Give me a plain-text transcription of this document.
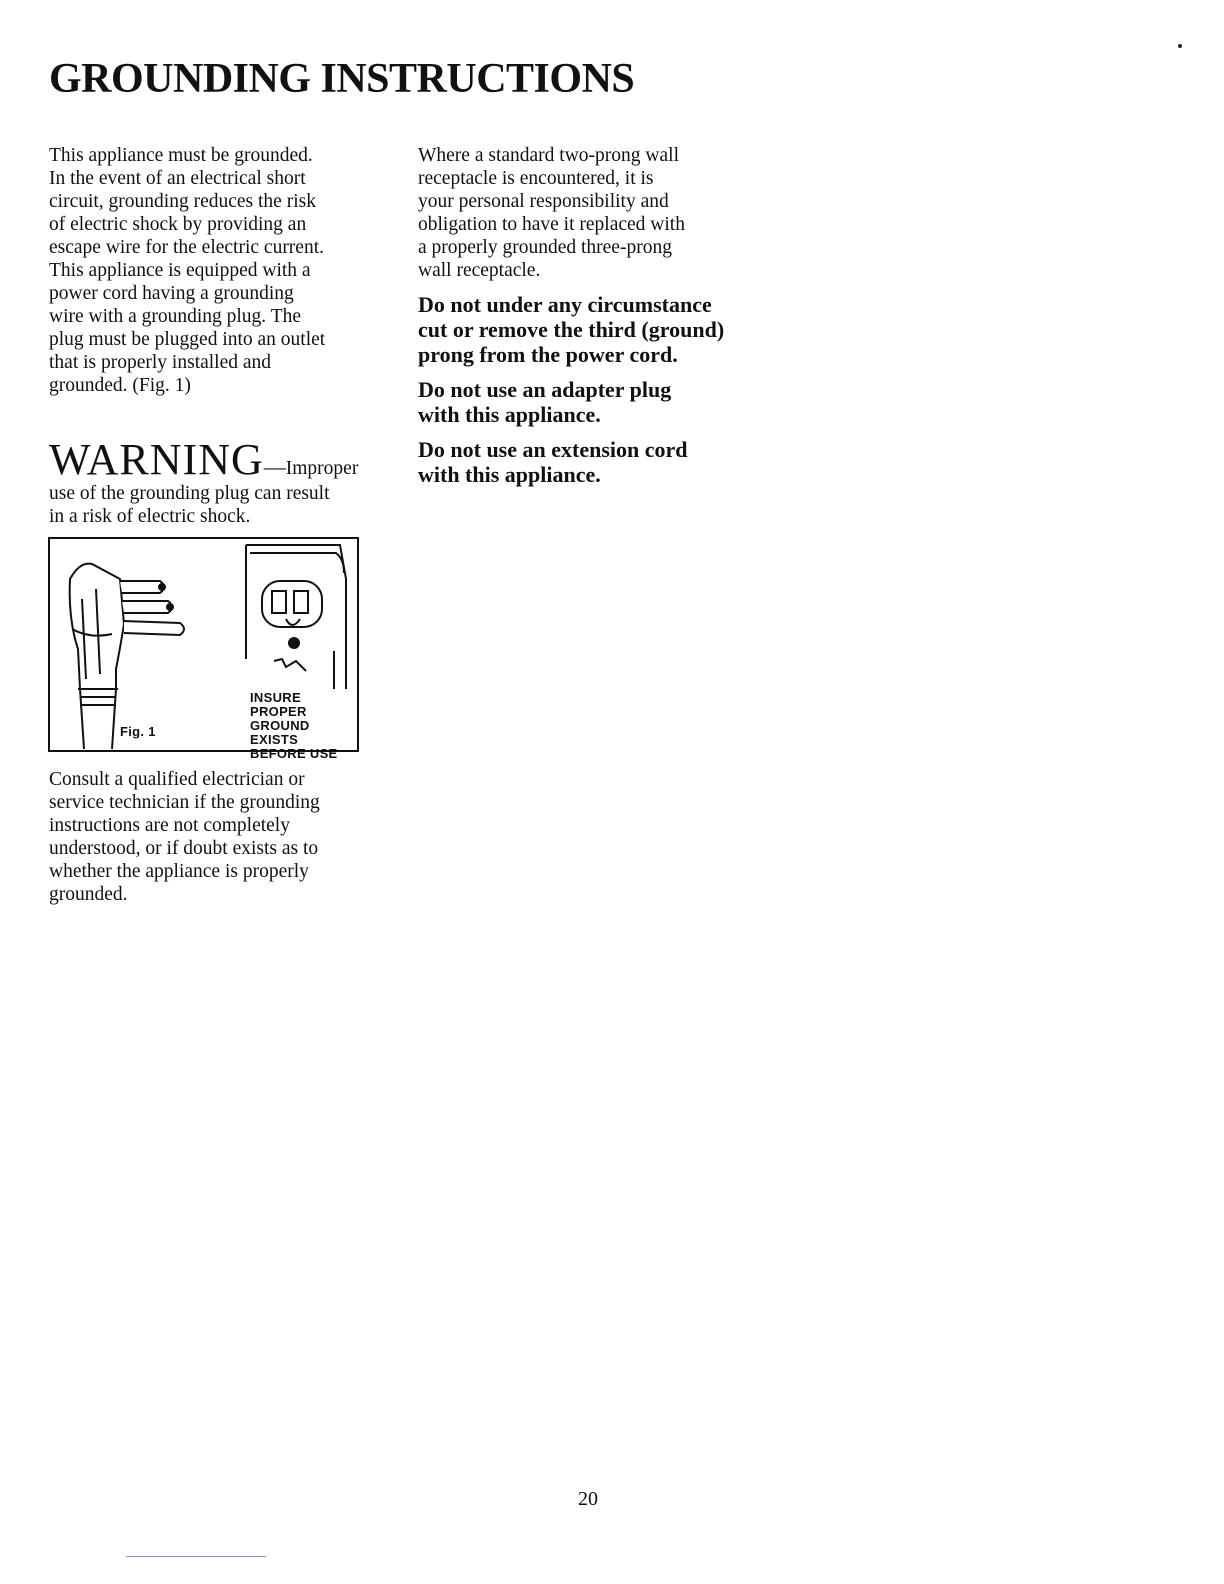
GROUNDING INSTRUCTIONS

This appliance must be grounded.

In the event of an electrical short

circuit, grounding reduces the risk

of electric shock by providing an

escape wire for the electric current.

This appliance is equipped with a

power cord having a grounding

wire with a grounding plug. The

plug must be plugged into an outlet

that is properly installed and

grounded. (Fig. 1)

WARNING—Improper

use of the grounding plug can result

in a risk of electric shock.

Fig. 1
INSURE PROPER
GROUND EXISTS
BEFORE USE

Consult a qualified electrician or

service technician if the grounding

instructions are not completely

understood, or if doubt exists as to

whether the appliance is properly

grounded.

Where a standard two-prong wall

receptacle is encountered, it is

your personal responsibility and

obligation to have it replaced with

a properly grounded three-prong

wall receptacle.

Do not under any circumstance
cut or remove the third (ground)
prong from the power cord.
Do not use an adapter plug
with this appliance.
Do not use an extension cord
with this appliance.
20
